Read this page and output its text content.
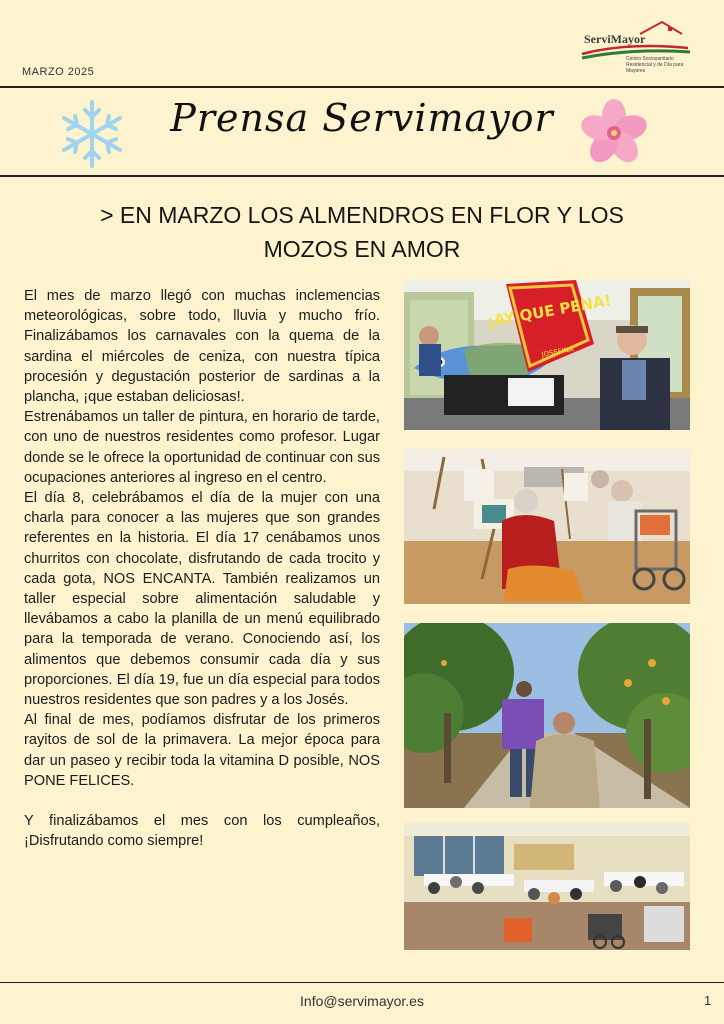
MARZO 2025
ServiMayor
Centro Sociosanitario Residencial y de Día para Mayores
Prensa Servimayor
> EN MARZO LOS ALMENDROS EN FLOR Y LOS
MOZOS EN AMOR

El mes de marzo llegó con muchas inclemencias meteorológicas, sobre todo, lluvia y mucho frío. Finalizábamos los carnavales con la quema de la sardina el miércoles de ceniza, con nuestra típica procesión y degustación posterior de sardinas a la plancha, ¡que estaban deliciosas!.

Estrenábamos un taller de pintura, en horario de tarde, con uno de nuestros residentes como profesor. Lugar donde se le ofrece la oportunidad de continuar con sus ocupaciones anteriores al ingreso en el centro.

El día 8, celebrábamos el día de la mujer con una charla para conocer a las mujeres que son grandes referentes en la historia. El día 17 cenábamos unos churritos con chocolate, disfrutando de cada trocito y cada gota, NOS ENCANTA. También realizamos un taller especial sobre alimentación saludable y llevábamos a cabo la planilla de un menú equilibrado para la temporada de verano. Conociendo así, los alimentos que debemos consumir cada día y sus proporciones. El día 19, fue un día especial para todos nuestros residentes que son padres y a los Josés.

Al final de mes, podíamos disfrutar de los primeros rayitos de sol de la primavera. La mejor época para dar un paseo y recibir toda la vitamina D posible, NOS PONE FELICES.

Y finalizábamos el mes con los cumpleaños, ¡Disfrutando como siempre!

¡AY QUE PENA!
JOSEFINA
Info@servimayor.es	1
